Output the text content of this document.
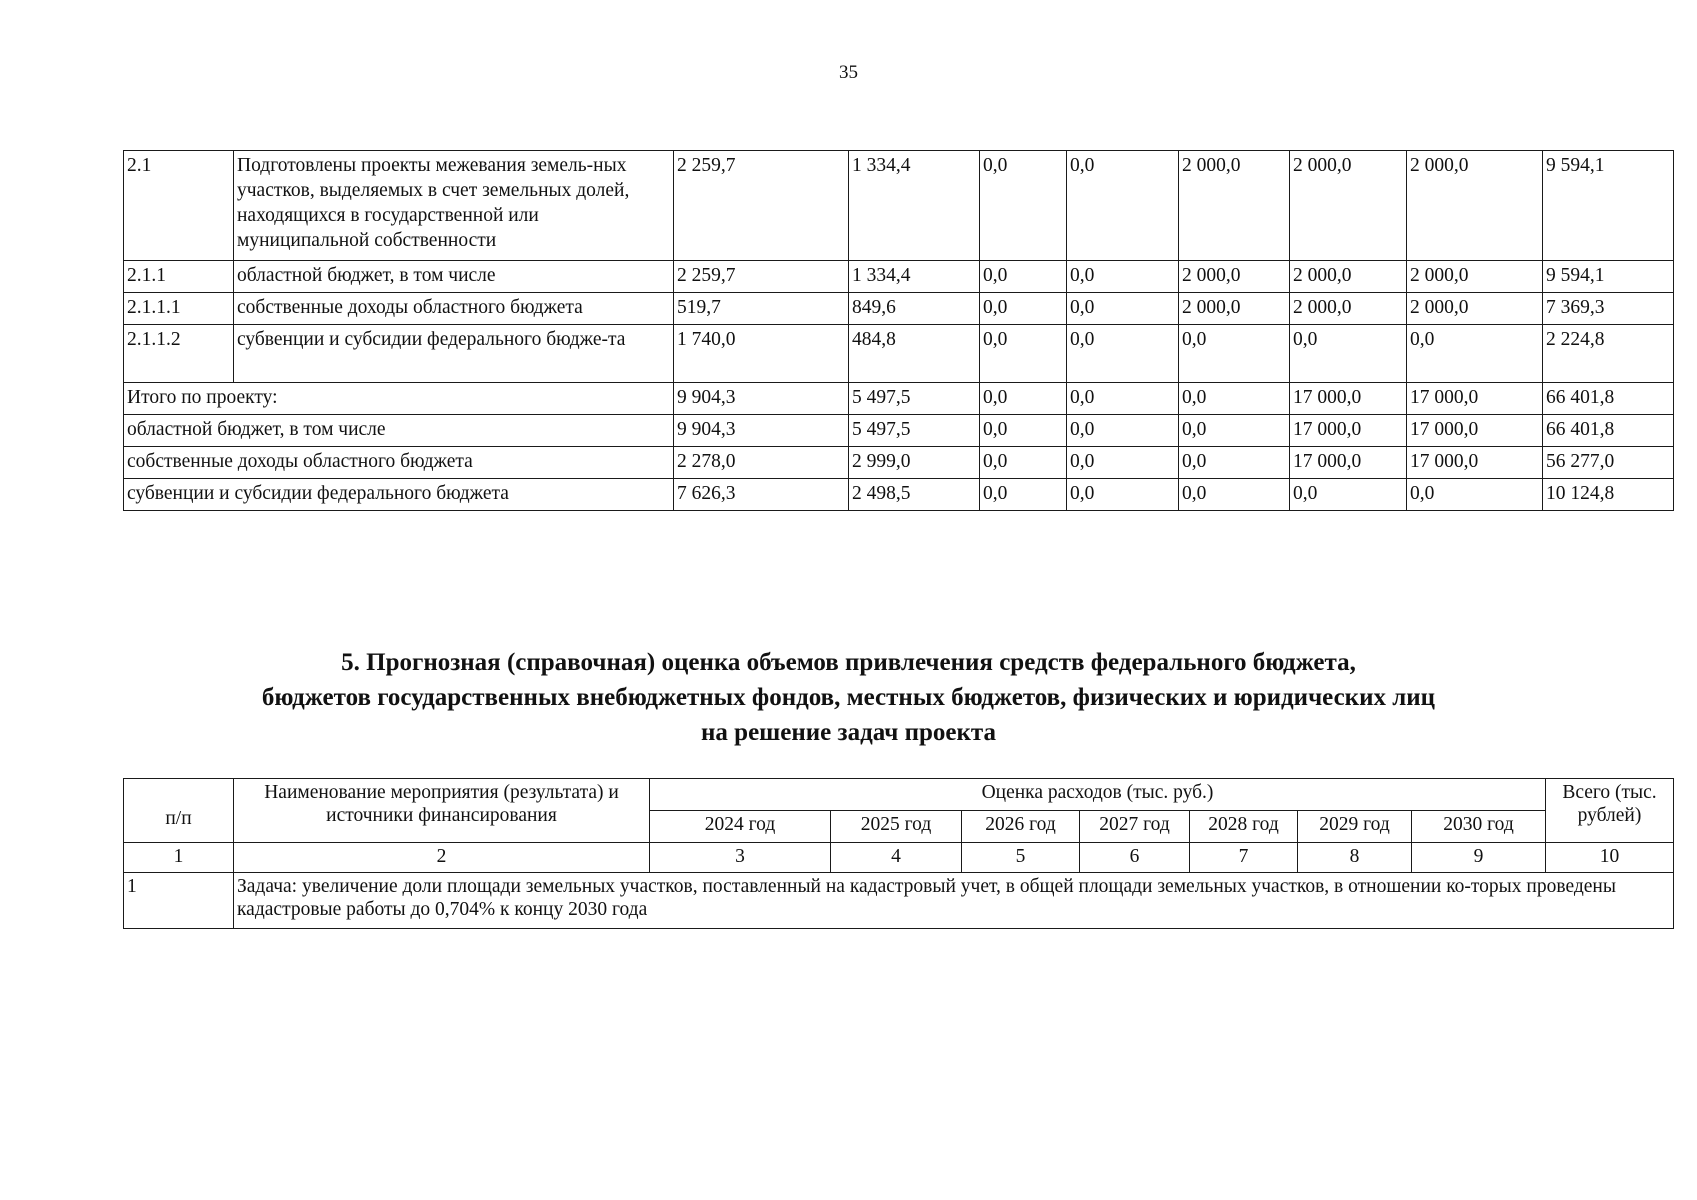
35
2.1	Подготовлены проекты межевания земель-ных участков, выделяемых в счет земельных долей, находящихся в государственной или муниципальной собственности	2 259,7	1 334,4	0,0	0,0	2 000,0	2 000,0	2 000,0	9 594,1
2.1.1	областной бюджет, в том числе	2 259,7	1 334,4	0,0	0,0	2 000,0	2 000,0	2 000,0	9 594,1
2.1.1.1	собственные доходы областного бюджета	519,7	849,6	0,0	0,0	2 000,0	2 000,0	2 000,0	7 369,3
2.1.1.2	субвенции и субсидии федерального бюдже-та	1 740,0	484,8	0,0	0,0	0,0	0,0	0,0	2 224,8
Итого по проекту:		9 904,3	5 497,5	0,0	0,0	0,0	17 000,0	17 000,0	66 401,8
областной бюджет, в том числе		9 904,3	5 497,5	0,0	0,0	0,0	17 000,0	17 000,0	66 401,8
собственные доходы областного бюджета		2 278,0	2 999,0	0,0	0,0	0,0	17 000,0	17 000,0	56 277,0
субвенции и субсидии федерального бюджета		7 626,3	2 498,5	0,0	0,0	0,0	0,0	0,0	10 124,8
5. Прогнозная (справочная) оценка объемов привлечения средств федерального бюджета,
бюджетов государственных внебюджетных фондов, местных бюджетов, физических и юридических лиц
на решение задач проекта
п/п	Наименование мероприятия (результата) и источники финансирования	Оценка расходов (тыс. руб.)							Всего (тыс. рублей)
		2024 год	2025 год	2026 год	2027 год	2028 год	2029 год	2030 год	
1	2	3	4	5	6	7	8	9	10
1	Задача: увеличение доли площади земельных участков, поставленный на кадастровый учет, в общей площади земельных участков, в отношении ко-торых проведены кадастровые работы до 0,704% к концу 2030 года								
